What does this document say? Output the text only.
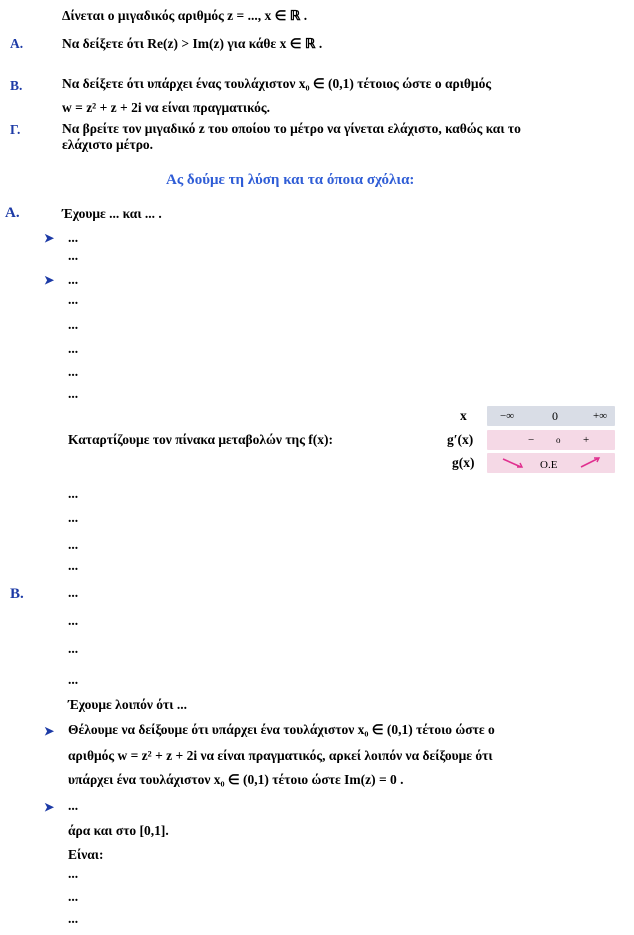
Δίνεται ο μιγαδικός αριθμός z = ..., x ∈ ℝ .
Α.	Να δείξετε ότι Re(z) > Im(z) για κάθε x ∈ ℝ .
Β.	Να δείξετε ότι υπάρχει ένας τουλάχιστον x₀ ∈ (0,1) τέτοιος ώστε ο αριθμός
w = z² + z + 2i να είναι πραγματικός.
Γ.	Να βρείτε τον μιγαδικό z του οποίου το μέτρο να γίνεται ελάχιστο, καθώς και το
ελάχιστο μέτρο.
Ας δούμε τη λύση και τα όποια σχόλια:
Α.	Έχουμε ... και ... .
➤ ...
...
➤ ...
...
...
...
...
...
x	−∞	0	+∞
Καταρτίζουμε τον πίνακα μεταβολών της f(x):	g′(x)	− o +
g(x)	Ο.Ε
...
...
...
...
Β.	...
...
...
...
Έχουμε λοιπόν ότι ...
➤ Θέλουμε να δείξουμε ότι υπάρχει ένα τουλάχιστον x₀ ∈ (0,1) τέτοιο ώστε ο
αριθμός w = z² + z + 2i να είναι πραγματικός, αρκεί λοιπόν να δείξουμε ότι
υπάρχει ένα τουλάχιστον x₀ ∈ (0,1) τέτοιο ώστε Im(z) = 0 .
➤ ...
άρα και στο [0,1].
Είναι:
...
...
...
